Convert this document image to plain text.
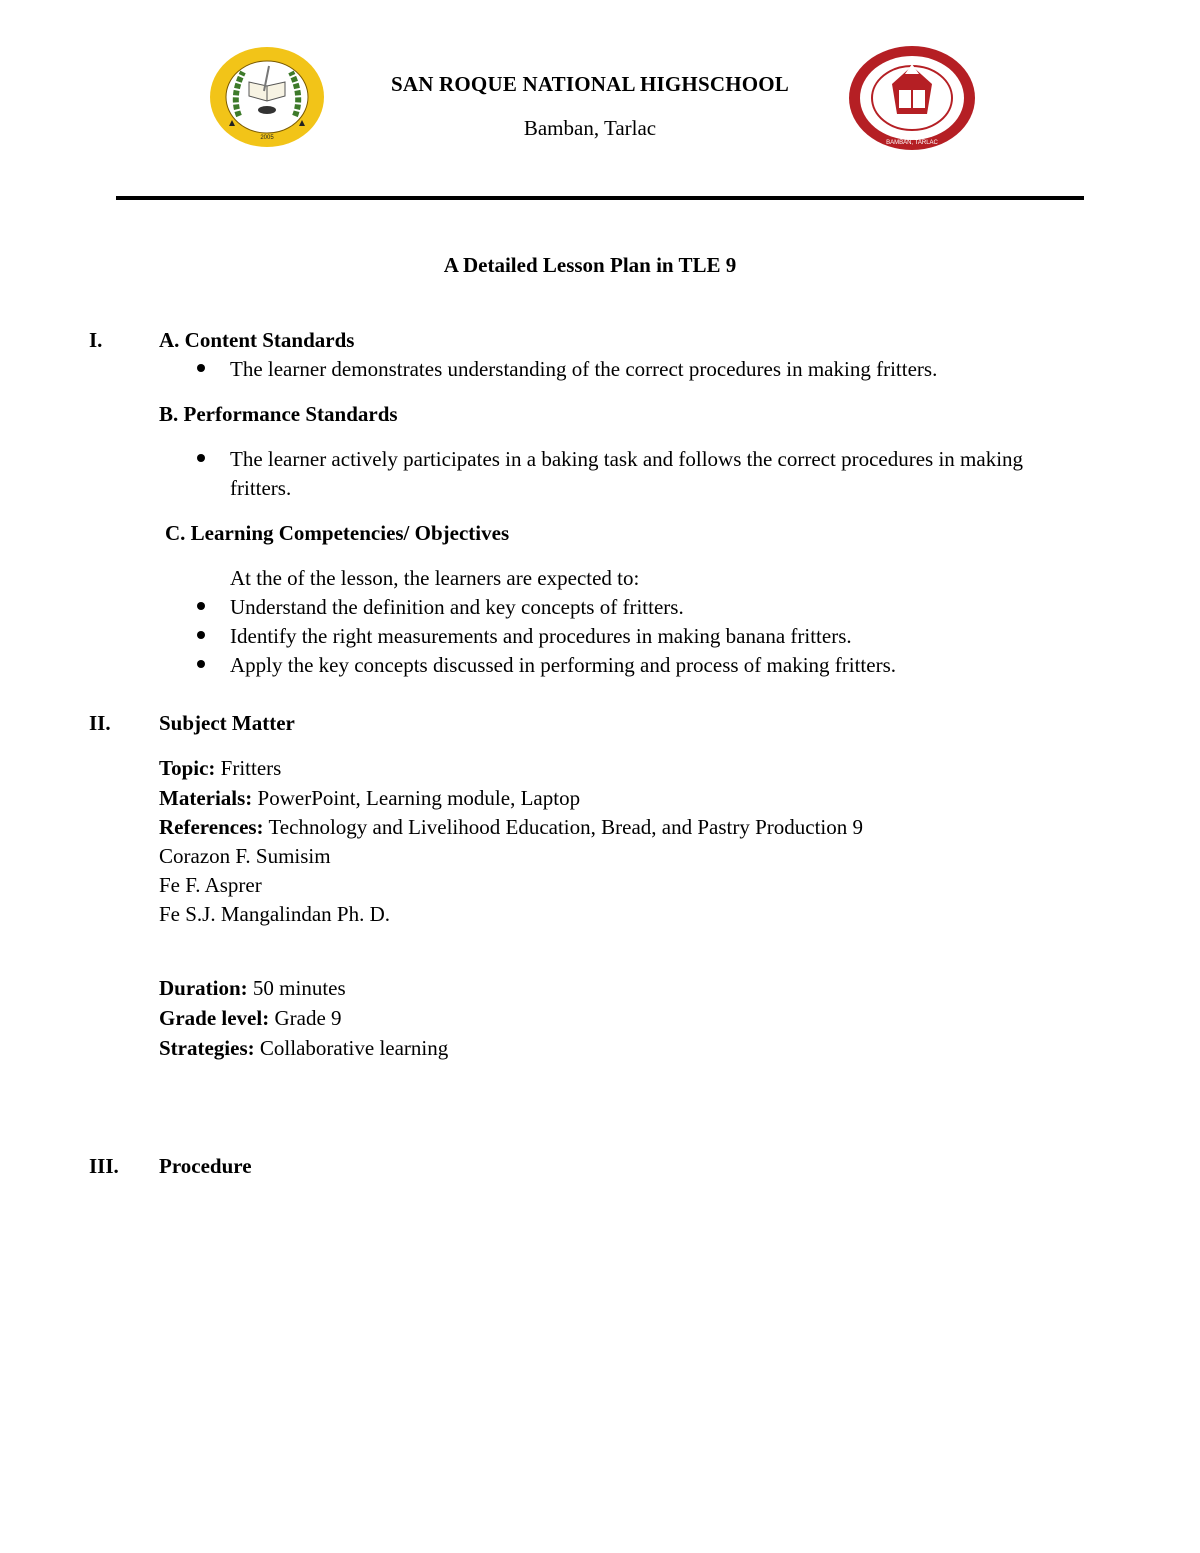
2005
BAMBAN, TARLAC
SAN ROQUE NATIONAL HIGHSCHOOL
Bamban, Tarlac
A Detailed Lesson Plan in TLE 9
I.	A. Content Standards
The learner demonstrates understanding of the correct procedures in making fritters.
B. Performance Standards
The learner actively participates in a baking task and follows the correct procedures in making
fritters.
C. Learning Competencies/ Objectives
At the of the lesson, the learners are expected to:
Understand the definition and key concepts of fritters.
Identify the right measurements and procedures in making banana fritters.
Apply the key concepts discussed in performing and process of making fritters.
II. Subject Matter
Topic: Fritters
Materials: PowerPoint, Learning module, Laptop
References: Technology and Livelihood Education, Bread, and Pastry Production 9
Corazon F. Sumisim
Fe F. Asprer
Fe S.J. Mangalindan Ph. D.
Duration: 50 minutes
Grade level: Grade 9
Strategies: Collaborative learning
III. Procedure
